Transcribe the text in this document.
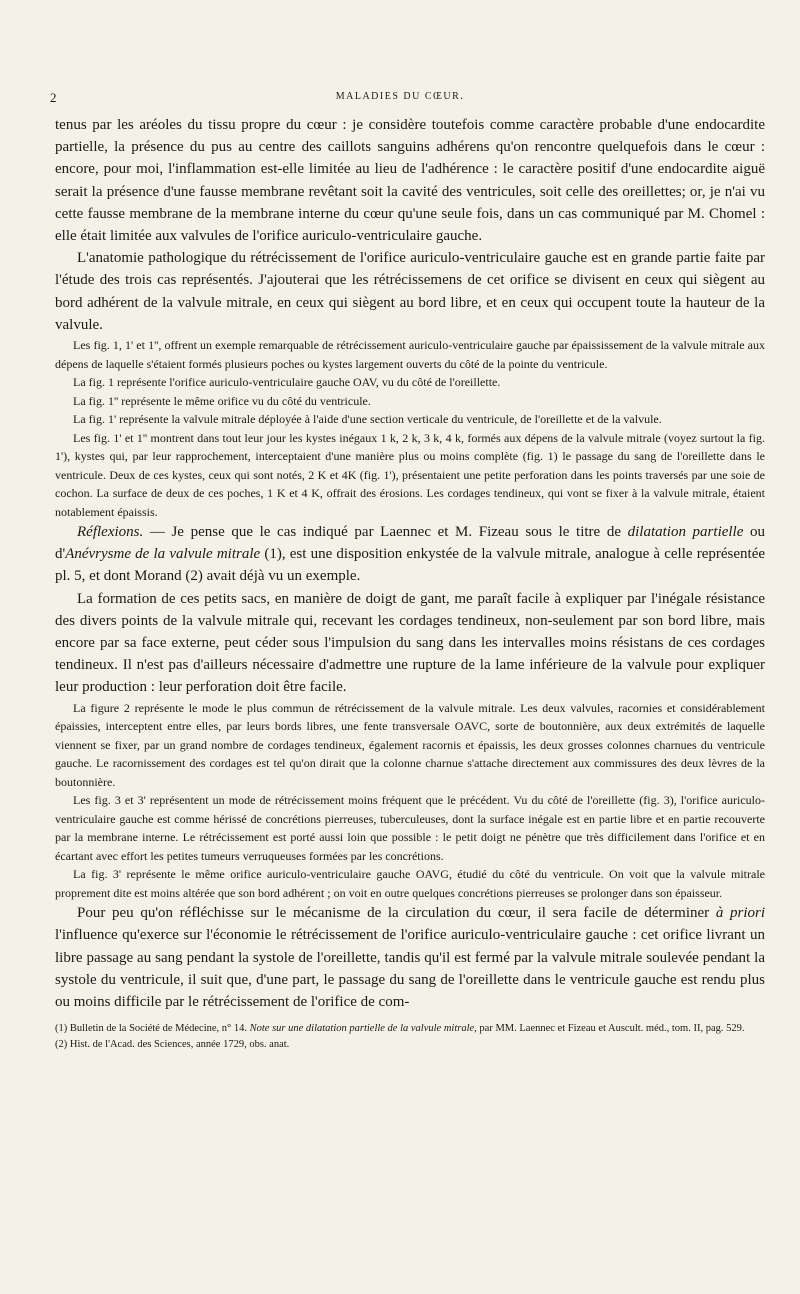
2	MALADIES DU CŒUR.

tenus par les aréoles du tissu propre du cœur : je considère toutefois comme caractère probable d'une endocardite partielle, la présence du pus au centre des caillots sanguins adhérens qu'on rencontre quelquefois dans le cœur : encore, pour moi, l'inflammation est-elle limitée au lieu de l'adhérence : le caractère positif d'une endocardite aiguë serait la présence d'une fausse membrane revêtant soit la cavité des ventricules, soit celle des oreillettes; or, je n'ai vu cette fausse membrane de la membrane interne du cœur qu'une seule fois, dans un cas communiqué par M. Chomel : elle était limitée aux valvules de l'orifice auriculo-ventriculaire gauche.

L'anatomie pathologique du rétrécissement de l'orifice auriculo-ventriculaire gauche est en grande partie faite par l'étude des trois cas représentés. J'ajouterai que les rétrécissemens de cet orifice se divisent en ceux qui siègent au bord adhérent de la valvule mitrale, en ceux qui siègent au bord libre, et en ceux qui occupent toute la hauteur de la valvule.

Les fig. 1, 1' et 1'', offrent un exemple remarquable de rétrécissement auriculo-ventriculaire gauche par épaississement de la valvule mitrale aux dépens de laquelle s'étaient formés plusieurs poches ou kystes largement ouverts du côté de la pointe du ventricule.

La fig. 1 représente l'orifice auriculo-ventriculaire gauche OAV, vu du côté de l'oreillette.

La fig. 1'' représente le même orifice vu du côté du ventricule.

La fig. 1' représente la valvule mitrale déployée à l'aide d'une section verticale du ventricule, de l'oreillette et de la valvule.

Les fig. 1' et 1'' montrent dans tout leur jour les kystes inégaux 1 k, 2 k, 3 k, 4 k, formés aux dépens de la valvule mitrale (voyez surtout la fig. 1'), kystes qui, par leur rapprochement, interceptaient d'une manière plus ou moins complète (fig. 1) le passage du sang de l'oreillette dans le ventricule. Deux de ces kystes, ceux qui sont notés, 2 K et 4K (fig. 1'), présentaient une petite perforation dans les points traversés par une soie de cochon. La surface de deux de ces poches, 1 K et 4 K, offrait des érosions. Les cordages tendineux, qui vont se fixer à la valvule mitrale, étaient notablement épaissis.

Réflexions. — Je pense que le cas indiqué par Laennec et M. Fizeau sous le titre de dilatation partielle ou d'Anévrysme de la valvule mitrale (1), est une disposition enkystée de la valvule mitrale, analogue à celle représentée pl. 5, et dont Morand (2) avait déjà vu un exemple.

La formation de ces petits sacs, en manière de doigt de gant, me paraît facile à expliquer par l'inégale résistance des divers points de la valvule mitrale qui, recevant les cordages tendineux, non-seulement par son bord libre, mais encore par sa face externe, peut céder sous l'impulsion du sang dans les intervalles moins résistans de ces cordages tendineux. Il n'est pas d'ailleurs nécessaire d'admettre une rupture de la lame inférieure de la valvule pour expliquer leur production : leur perforation doit être facile.

La figure 2 représente le mode le plus commun de rétrécissement de la valvule mitrale. Les deux valvules, racornies et considérablement épaissies, interceptent entre elles, par leurs bords libres, une fente transversale OAVC, sorte de boutonnière, aux deux extrémités de laquelle viennent se fixer, par un grand nombre de cordages tendineux, également racornis et épaissis, les deux grosses colonnes charnues du ventricule gauche. Le racornissement des cordages est tel qu'on dirait que la colonne charnue s'attache directement aux commissures des deux lèvres de la boutonnière.

Les fig. 3 et 3' représentent un mode de rétrécissement moins fréquent que le précédent. Vu du côté de l'oreillette (fig. 3), l'orifice auriculo-ventriculaire gauche est comme hérissé de concrétions pierreuses, tuberculeuses, dont la surface inégale est en partie libre et en partie recouverte par la membrane interne. Le rétrécissement est porté aussi loin que possible : le petit doigt ne pénètre que très difficilement dans l'orifice et en écartant avec effort les petites tumeurs verruqueuses formées par les concrétions.

La fig. 3' représente le même orifice auriculo-ventriculaire gauche OAVG, étudié du côté du ventricule. On voit que la valvule mitrale proprement dite est moins altérée que son bord adhérent ; on voit en outre quelques concrétions pierreuses se prolonger dans son épaisseur.

Pour peu qu'on réfléchisse sur le mécanisme de la circulation du cœur, il sera facile de déterminer à priori l'influence qu'exerce sur l'économie le rétrécissement de l'orifice auriculo-ventriculaire gauche : cet orifice livrant un libre passage au sang pendant la systole de l'oreillette, tandis qu'il est fermé par la valvule mitrale soulevée pendant la systole du ventricule, il suit que, d'une part, le passage du sang de l'oreillette dans le ventricule gauche est rendu plus ou moins difficile par le rétrécissement de l'orifice de com-

(1) Bulletin de la Société de Médecine, n° 14. Note sur une dilatation partielle de la valvule mitrale, par MM. Laennec et Fizeau et Auscult. méd., tom. II, pag. 529.

(2) Hist. de l'Acad. des Sciences, année 1729, obs. anat.
